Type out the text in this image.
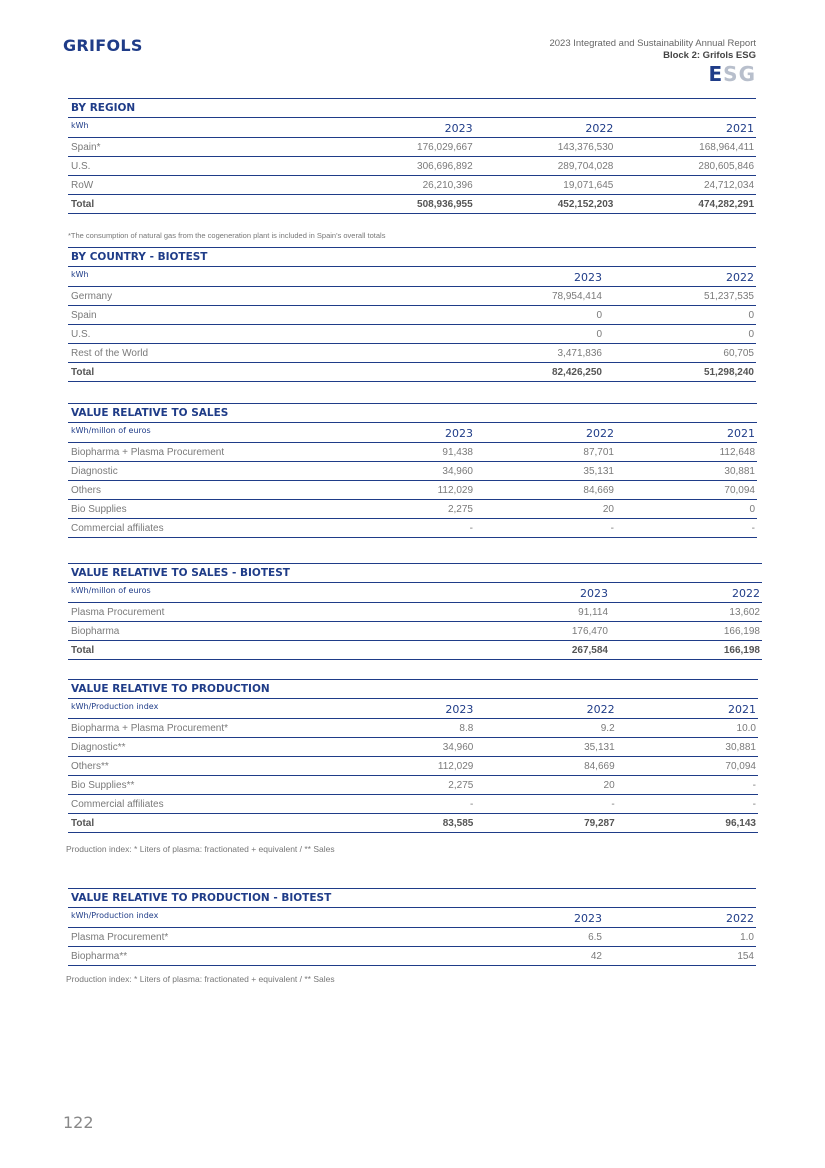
GRIFOLS	2023 Integrated and Sustainability Annual Report
Block 2: Grifols ESG
ESG
BY REGION
kWh	2023	2022	2021
Spain*	176,029,667	143,376,530	168,964,411
U.S.	306,696,892	289,704,028	280,605,846
RoW	26,210,396	19,071,645	24,712,034
Total	508,936,955	452,152,203	474,282,291
*The consumption of natural gas from the cogeneration plant is included in Spain's overall totals
BY COUNTRY - BIOTEST
kWh	2023	2022
Germany	78,954,414	51,237,535
Spain	0	0
U.S.	0	0
Rest of the World	3,471,836	60,705
Total	82,426,250	51,298,240
VALUE RELATIVE TO SALES
kWh/millon of euros	2023	2022	2021
Biopharma + Plasma Procurement	91,438	87,701	112,648
Diagnostic	34,960	35,131	30,881
Others	112,029	84,669	70,094
Bio Supplies	2,275	20	0
Commercial affiliates	-	-	-
VALUE RELATIVE TO SALES - BIOTEST
kWh/millon of euros	2023	2022
Plasma Procurement	91,114	13,602
Biopharma	176,470	166,198
Total	267,584	166,198
VALUE RELATIVE TO PRODUCTION
kWh/Production index	2023	2022	2021
Biopharma + Plasma Procurement*	8.8	9.2	10.0
Diagnostic**	34,960	35,131	30,881
Others**	112,029	84,669	70,094
Bio Supplies**	2,275	20	-
Commercial affiliates	-	-	-
Total	83,585	79,287	96,143
Production index: * Liters of plasma: fractionated + equivalent / ** Sales
VALUE RELATIVE TO PRODUCTION - BIOTEST
kWh/Production index	2023	2022
Plasma Procurement*	6.5	1.0
Biopharma**	42	154
Production index: * Liters of plasma: fractionated + equivalent / ** Sales
122
